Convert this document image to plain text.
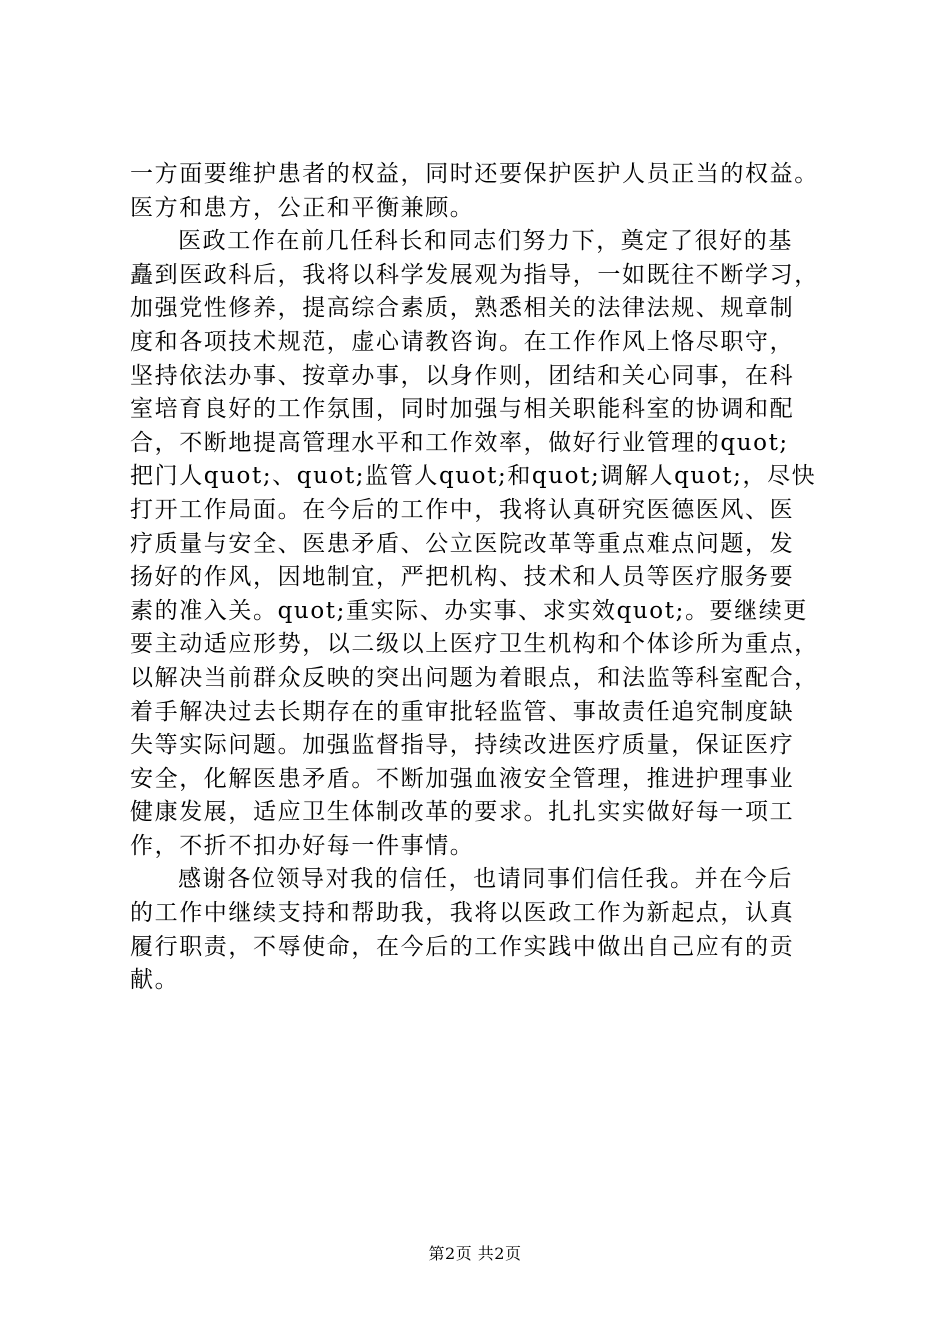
一方面要维护患者的权益，同时还要保护医护人员正当的权益。
医方和患方，公正和平衡兼顾。

医政工作在前几任科长和同志们努力下，奠定了很好的基
矗到医政科后，我将以科学发展观为指导，一如既往不断学习，
加强党性修养，提高综合素质，熟悉相关的法律法规、规章制
度和各项技术规范，虚心请教咨询。在工作作风上恪尽职守，
坚持依法办事、按章办事，以身作则，团结和关心同事，在科
室培育良好的工作氛围，同时加强与相关职能科室的协调和配
合，不断地提高管理水平和工作效率，做好行业管理的quot;
把门人quot;、quot;监管人quot;和quot;调解人quot;，尽快
打开工作局面。在今后的工作中，我将认真研究医德医风、医
疗质量与安全、医患矛盾、公立医院改革等重点难点问题，发
扬好的作风，因地制宜，严把机构、技术和人员等医疗服务要
素的准入关。quot;重实际、办实事、求实效quot;。要继续更
要主动适应形势，以二级以上医疗卫生机构和个体诊所为重点，
以解决当前群众反映的突出问题为着眼点，和法监等科室配合，
着手解决过去长期存在的重审批轻监管、事故责任追究制度缺
失等实际问题。加强监督指导，持续改进医疗质量，保证医疗
安全，化解医患矛盾。不断加强血液安全管理，推进护理事业
健康发展，适应卫生体制改革的要求。扎扎实实做好每一项工
作，不折不扣办好每一件事情。

感谢各位领导对我的信任，也请同事们信任我。并在今后
的工作中继续支持和帮助我，我将以医政工作为新起点，认真
履行职责，不辱使命，在今后的工作实践中做出自己应有的贡
献。

第2页 共2页
